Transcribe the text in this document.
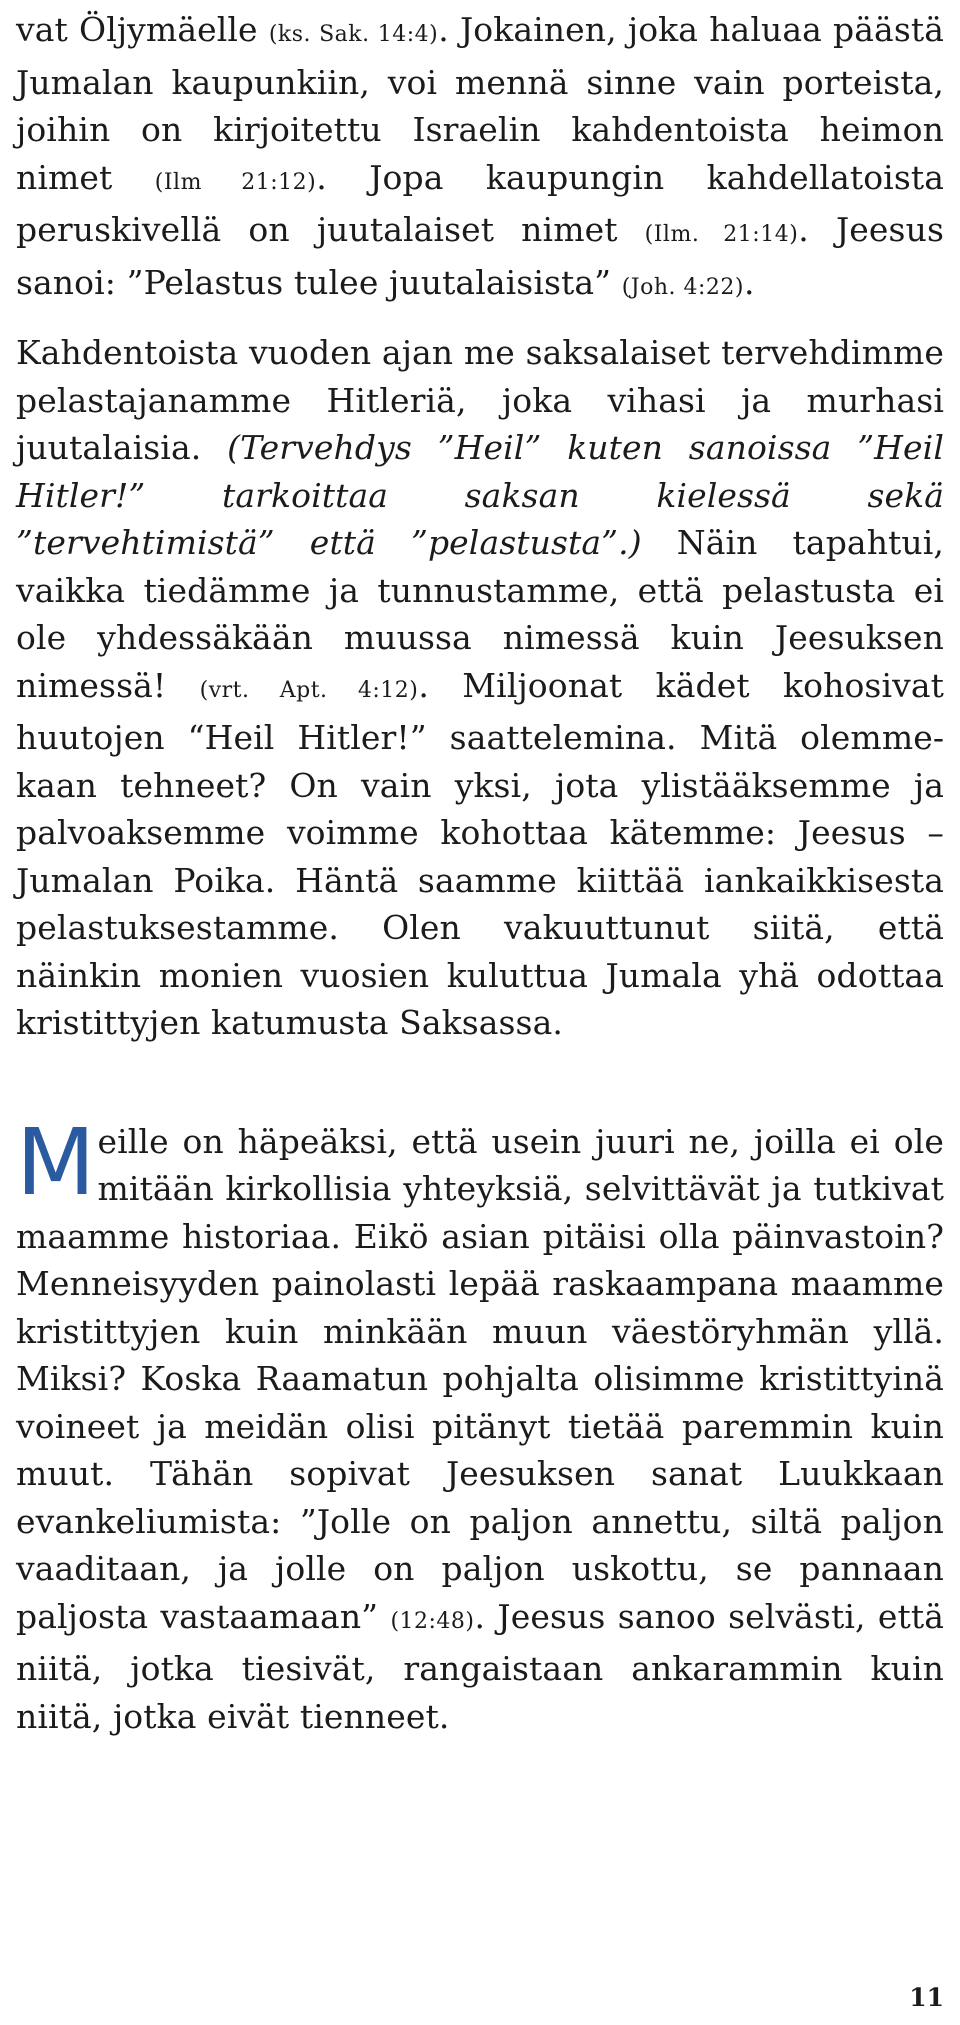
vat Öljymäelle (ks. Sak. 14:4). Jokainen, joka haluaa päästä Jumalan kaupunkiin, voi mennä sinne vain porteista, joihin on kirjoitettu Israelin kahdentoista heimon nimet (Ilm 21:12). Jopa kaupungin kahdellatoista peruskivellä on juutalaiset nimet (Ilm. 21:14). Jeesus sanoi: ”Pelastus tulee juutalaisista” (Joh. 4:22).

Kahdentoista vuoden ajan me saksalaiset tervehdimme pelastajanamme Hitleriä, joka vihasi ja murhasi juutalaisia. (Tervehdys ”Heil” kuten sanoissa ”Heil Hitler!” tarkoittaa saksan kielessä sekä ”tervehtimistä” että ”pelastusta”.) Näin tapahtui, vaikka tiedämme ja tunnustamme, että pelastusta ei ole yhdessäkään muussa nimessä kuin Jeesuksen nimessä! (vrt. Apt. 4:12). Miljoonat kädet kohosivat huutojen “Heil Hitler!” saattelemina. Mitä olemmekaan tehneet? On vain yksi, jota ylistääksemme ja palvoaksemme voimme kohottaa kätemme: Jeesus – Jumalan Poika. Häntä saamme kiittää iankaikkisesta pelastuksestamme. Olen vakuuttunut siitä, että näinkin monien vuosien kuluttua Jumala yhä odottaa kristittyjen katumusta Saksassa.

Meille on häpeäksi, että usein juuri ne, joilla ei ole mitään kirkollisia yhteyksiä, selvittävät ja tutkivat maamme historiaa. Eikö asian pitäisi olla päinvastoin? Menneisyyden painolasti lepää raskaampana maamme kristittyjen kuin minkään muun väestöryhmän yllä. Miksi? Koska Raamatun pohjalta olisimme kristittyinä voineet ja meidän olisi pitänyt tietää paremmin kuin muut. Tähän sopivat Jeesuksen sanat Luukkaan evankeliumista: ”Jolle on paljon annettu, siltä paljon vaaditaan, ja jolle on paljon uskottu, se pannaan paljosta vastaamaan” (12:48). Jeesus sanoo selvästi, että niitä, jotka tiesivät, rangaistaan ankarammin kuin niitä, jotka eivät tienneet.

11
